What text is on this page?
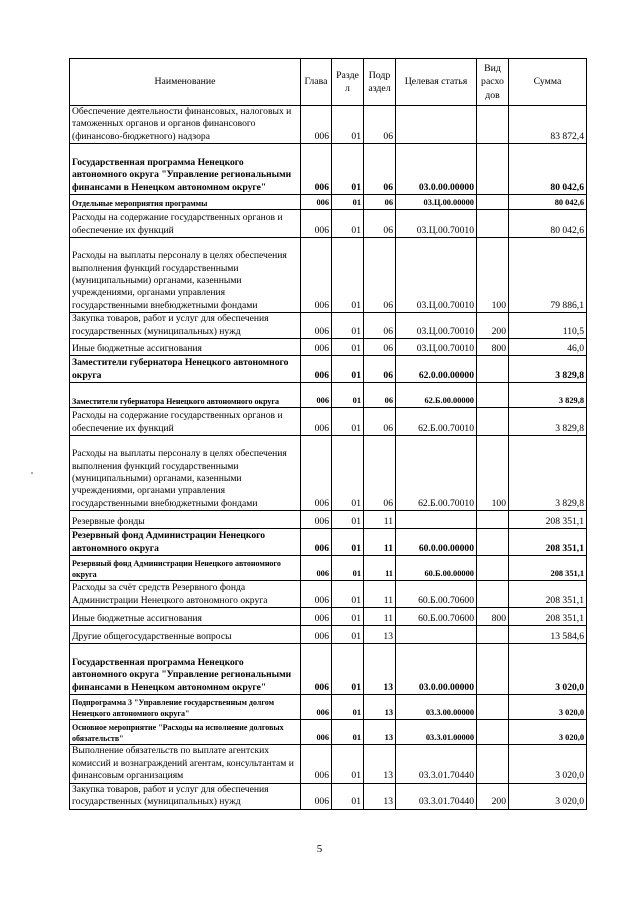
Наименование	Глава	Разде л	Подр аздел	Целевая статья	Вид расхо дов	Сумма
Обеспечение деятельности финансовых, налоговых и таможенных органов и органов финансового (финансово-бюджетного) надзора	006	01	06			83 872,4
Государственная программа Ненецкого автономного округа "Управление региональными финансами в Ненецком автономном округе"	006	01	06	03.0.00.00000		80 042,6
Отдельные мероприятия программы	006	01	06	03.Ц.00.00000		80 042,6
Расходы на содержание государственных органов и обеспечение их функций	006	01	06	03.Ц.00.70010		80 042,6
Расходы на выплаты персоналу в целях обеспечения выполнения функций государственными (муниципальными) органами, казенными учреждениями, органами управления государственными внебюджетными фондами	006	01	06	03.Ц.00.70010	100	79 886,1
Закупка товаров, работ и услуг для обеспечения государственных (муниципальных) нужд	006	01	06	03.Ц.00.70010	200	110,5
Иные бюджетные ассигнования	006	01	06	03.Ц.00.70010	800	46,0
Заместители губернатора Ненецкого автономного округа	006	01	06	62.0.00.00000		3 829,8
Заместители губернатора Ненецкого автономного округа	006	01	06	62.Б.00.00000		3 829,8
Расходы на содержание государственных органов и обеспечение их функций	006	01	06	62.Б.00.70010		3 829,8
Расходы на выплаты персоналу в целях обеспечения выполнения функций государственными (муниципальными) органами, казенными учреждениями, органами управления государственными внебюджетными фондами	006	01	06	62.Б.00.70010	100	3 829,8
Резервные фонды	006	01	11			208 351,1
Резервный фонд Администрации Ненецкого автономного округа	006	01	11	60.0.00.00000		208 351,1
Резервный фонд Администрации Ненецкого автономного округа	006	01	11	60.Б.00.00000		208 351,1
Расходы за счёт средств Резервного фонда Администрации Ненецкого автономного округа	006	01	11	60.Б.00.70600		208 351,1
Иные бюджетные ассигнования	006	01	11	60.Б.00.70600	800	208 351,1
Другие общегосударственные вопросы	006	01	13			13 584,6
Государственная программа Ненецкого автономного округа "Управление региональными финансами в Ненецком автономном округе"	006	01	13	03.0.00.00000		3 020,0
Подпрограмма 3 "Управление государственным долгом Ненецкого автономного округа"	006	01	13	03.3.00.00000		3 020,0
Основное мероприятие "Расходы на исполнение долговых обязательств"	006	01	13	03.3.01.00000		3 020,0
Выполнение обязательств по выплате агентских комиссий и вознаграждений агентам, консультантам и финансовым организациям	006	01	13	03.3.01.70440		3 020,0
Закупка товаров, работ и услуг для обеспечения государственных (муниципальных) нужд	006	01	13	03.3.01.70440	200	3 020,0
5
